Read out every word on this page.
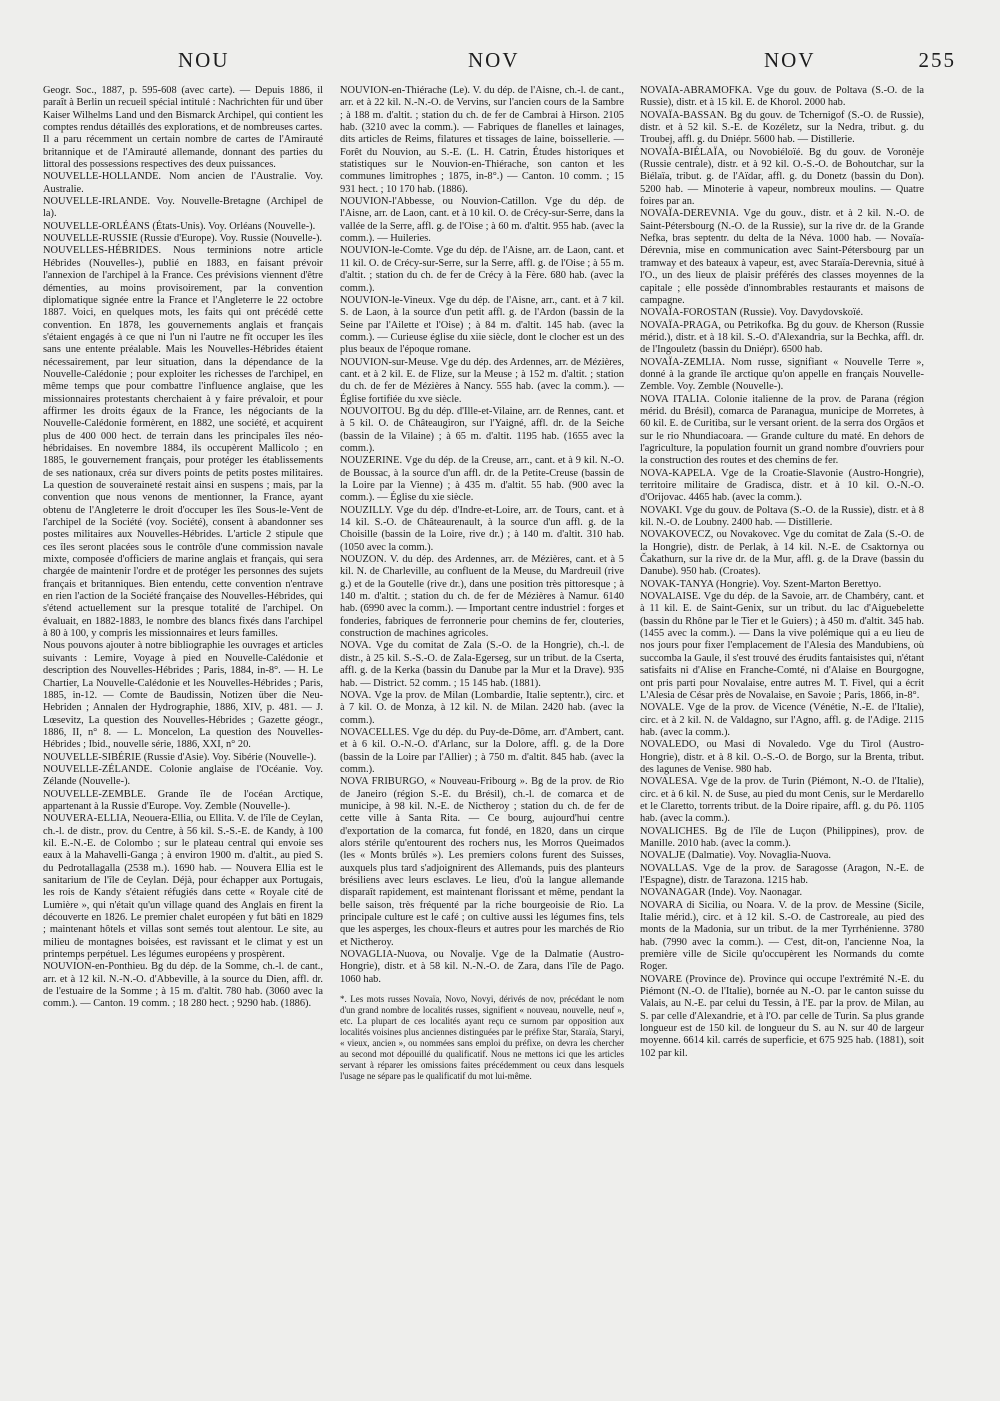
NOU	NOV	NOV	255

Geogr. Soc., 1887, p. 595-608 (avec carte). — Depuis 1886, il paraît à Berlin un recueil spécial intitulé : Nachrichten für und über Kaiser Wilhelms Land und den Bismarck Archipel, qui contient les comptes rendus détaillés des explorations, et de nombreuses cartes.

Il a paru récemment un certain nombre de cartes de l'Amirauté britannique et de l'Amirauté allemande, donnant des parties du littoral des possessions respectives des deux puissances.

NOUVELLE-HOLLANDE. Nom ancien de l'Australie. Voy. Australie.

NOUVELLE-IRLANDE. Voy. Nouvelle-Bretagne (Archipel de la).

NOUVELLE-ORLÉANS (États-Unis). Voy. Orléans (Nouvelle-).

NOUVELLE-RUSSIE (Russie d'Europe). Voy. Russie (Nouvelle-).

NOUVELLES-HÉBRIDES. Nous terminions notre article Hébrides (Nouvelles-), publié en 1883, en faisant prévoir l'annexion de l'archipel à la France. Ces prévisions viennent d'être démenties, au moins provisoirement, par la convention diplomatique signée entre la France et l'Angleterre le 22 octobre 1887. Voici, en quelques mots, les faits qui ont précédé cette convention. En 1878, les gouvernements anglais et français s'étaient engagés à ce que ni l'un ni l'autre ne fît occuper les îles sans une entente préalable. Mais les Nouvelles-Hébrides étaient nécessairement, par leur situation, dans la dépendance de la Nouvelle-Calédonie ; pour exploiter les richesses de l'archipel, en même temps que pour combattre l'influence anglaise, que les missionnaires protestants cherchaient à y faire prévaloir, et pour affirmer les droits égaux de la France, les négociants de la Nouvelle-Calédonie formèrent, en 1882, une société, et acquirent plus de 400 000 hect. de terrain dans les principales îles néo-hébridaises. En novembre 1884, ils occupèrent Mallicolo ; en 1885, le gouvernement français, pour protéger les établissements de ses nationaux, créa sur divers points de petits postes militaires. La question de souveraineté restait ainsi en suspens ; mais, par la convention que nous venons de mentionner, la France, ayant obtenu de l'Angleterre le droit d'occuper les îles Sous-le-Vent de l'archipel de la Société (voy. Société), consent à abandonner ses postes militaires aux Nouvelles-Hébrides. L'article 2 stipule que ces îles seront placées sous le contrôle d'une commission navale mixte, composée d'officiers de marine anglais et français, qui sera chargée de maintenir l'ordre et de protéger les personnes des sujets français et britanniques. Bien entendu, cette convention n'entrave en rien l'action de la Société française des Nouvelles-Hébrides, qui s'étend actuellement sur la presque totalité de l'archipel. On évaluait, en 1882-1883, le nombre des blancs fixés dans l'archipel à 80 à 100, y compris les missionnaires et leurs familles.

Nous pouvons ajouter à notre bibliographie les ouvrages et articles suivants : Lemire, Voyage à pied en Nouvelle-Calédonie et description des Nouvelles-Hébrides ; Paris, 1884, in-8°. — H. Le Chartier, La Nouvelle-Calédonie et les Nouvelles-Hébrides ; Paris, 1885, in-12. — Comte de Baudissin, Notizen über die Neu-Hebriden ; Annalen der Hydrographie, 1886, XIV, p. 481. — J. Lœsevitz, La question des Nouvelles-Hébrides ; Gazette géogr., 1886, II, n° 8. — L. Moncelon, La question des Nouvelles-Hébrides ; Ibid., nouvelle série, 1886, XXI, n° 20.

NOUVELLE-SIBÉRIE (Russie d'Asie). Voy. Sibérie (Nouvelle-).

NOUVELLE-ZÉLANDE. Colonie anglaise de l'Océanie. Voy. Zélande (Nouvelle-).

NOUVELLE-ZEMBLE. Grande île de l'océan Arctique, appartenant à la Russie d'Europe. Voy. Zemble (Nouvelle-).

NOUVERA-ELLIA, Neouera-Ellia, ou Ellita. V. de l'île de Ceylan, ch.-l. de distr., prov. du Centre, à 56 kil. S.-S.-E. de Kandy, à 100 kil. E.-N.-E. de Colombo ; sur le plateau central qui envoie ses eaux à la Mahavelli-Ganga ; à environ 1900 m. d'altit., au pied S. du Pedrotallagalla (2538 m.). 1690 hab. — Nouvera Ellia est le sanitarium de l'île de Ceylan. Déjà, pour échapper aux Portugais, les rois de Kandy s'étaient réfugiés dans cette « Royale cité de Lumière », qui n'était qu'un village quand des Anglais en firent la découverte en 1826. Le premier chalet européen y fut bâti en 1829 ; maintenant hôtels et villas sont semés tout alentour. Le site, au milieu de montagnes boisées, est ravissant et le climat y est un printemps perpétuel. Les légumes européens y prospèrent.

NOUVION-en-Ponthieu. Bg du dép. de la Somme, ch.-l. de cant., arr. et à 12 kil. N.-N.-O. d'Abbeville, à la source du Dien, affl. dr. de l'estuaire de la Somme ; à 15 m. d'altit. 780 hab. (3060 avec la comm.). — Canton. 19 comm. ; 18 280 hect. ; 9290 hab. (1886).

NOUVION-en-Thiérache (Le). V. du dép. de l'Aisne, ch.-l. de cant., arr. et à 22 kil. N.-N.-O. de Vervins, sur l'ancien cours de la Sambre ; à 188 m. d'altit. ; station du ch. de fer de Cambrai à Hirson. 2105 hab. (3210 avec la comm.). — Fabriques de flanelles et lainages, dits articles de Reims, filatures et tissages de laine, boissellerie. — Forêt du Nouvion, au S.-E. (L. H. Catrin, Études historiques et statistiques sur le Nouvion-en-Thiérache, son canton et les communes limitrophes ; 1875, in-8°.) — Canton. 10 comm. ; 15 931 hect. ; 10 170 hab. (1886).

NOUVION-l'Abbesse, ou Nouvion-Catillon. Vge du dép. de l'Aisne, arr. de Laon, cant. et à 10 kil. O. de Crécy-sur-Serre, dans la vallée de la Serre, affl. g. de l'Oise ; à 60 m. d'altit. 955 hab. (avec la comm.). — Huileries.

NOUVION-le-Comte. Vge du dép. de l'Aisne, arr. de Laon, cant. et 11 kil. O. de Crécy-sur-Serre, sur la Serre, affl. g. de l'Oise ; à 55 m. d'altit. ; station du ch. de fer de Crécy à la Fère. 680 hab. (avec la comm.).

NOUVION-le-Vineux. Vge du dép. de l'Aisne, arr., cant. et à 7 kil. S. de Laon, à la source d'un petit affl. g. de l'Ardon (bassin de la Seine par l'Ailette et l'Oise) ; à 84 m. d'altit. 145 hab. (avec la comm.). — Curieuse église du xiie siècle, dont le clocher est un des plus beaux de l'époque romane.

NOUVION-sur-Meuse. Vge du dép. des Ardennes, arr. de Mézières, cant. et à 2 kil. E. de Flize, sur la Meuse ; à 152 m. d'altit. ; station du ch. de fer de Mézières à Nancy. 555 hab. (avec la comm.). — Église fortifiée du xve siècle.

NOUVOITOU. Bg du dép. d'Ille-et-Vilaine, arr. de Rennes, cant. et à 5 kil. O. de Châteaugiron, sur l'Yaigné, affl. dr. de la Seiche (bassin de la Vilaine) ; à 65 m. d'altit. 1195 hab. (1655 avec la comm.).

NOUZERINE. Vge du dép. de la Creuse, arr., cant. et à 9 kil. N.-O. de Boussac, à la source d'un affl. dr. de la Petite-Creuse (bassin de la Loire par la Vienne) ; à 435 m. d'altit. 55 hab. (900 avec la comm.). — Église du xie siècle.

NOUZILLY. Vge du dép. d'Indre-et-Loire, arr. de Tours, cant. et à 14 kil. S.-O. de Châteaurenault, à la source d'un affl. g. de la Choisille (bassin de la Loire, rive dr.) ; à 140 m. d'altit. 310 hab. (1050 avec la comm.).

NOUZON. V. du dép. des Ardennes, arr. de Mézières, cant. et à 5 kil. N. de Charleville, au confluent de la Meuse, du Mardreuil (rive g.) et de la Goutelle (rive dr.), dans une position très pittoresque ; à 140 m. d'altit. ; station du ch. de fer de Mézières à Namur. 6140 hab. (6990 avec la comm.). — Important centre industriel : forges et fonderies, fabriques de ferronnerie pour chemins de fer, clouteries, construction de machines agricoles.

NOVA. Vge du comitat de Zala (S.-O. de la Hongrie), ch.-l. de distr., à 25 kil. S.-S.-O. de Zala-Egerseg, sur un tribut. de la Cserta, affl. g. de la Kerka (bassin du Danube par la Mur et la Drave). 935 hab. — District. 52 comm. ; 15 145 hab. (1881).

NOVA. Vge la prov. de Milan (Lombardie, Italie septentr.), circ. et à 7 kil. O. de Monza, à 12 kil. N. de Milan. 2420 hab. (avec la comm.).

NOVACELLES. Vge du dép. du Puy-de-Dôme, arr. d'Ambert, cant. et à 6 kil. O.-N.-O. d'Arlanc, sur la Dolore, affl. g. de la Dore (bassin de la Loire par l'Allier) ; à 750 m. d'altit. 845 hab. (avec la comm.).

NOVA FRIBURGO, « Nouveau-Fribourg ». Bg de la prov. de Rio de Janeiro (région S.-E. du Brésil), ch.-l. de comarca et de municipe, à 98 kil. N.-E. de Nictheroy ; station du ch. de fer de cette ville à Santa Rita. — Ce bourg, aujourd'hui centre d'exportation de la comarca, fut fondé, en 1820, dans un cirque alors stérile qu'entourent des rochers nus, les Morros Queimados (les « Monts brûlés »). Les premiers colons furent des Suisses, auxquels plus tard s'adjoignirent des Allemands, puis des planteurs brésiliens avec leurs esclaves. Le lieu, d'où la langue allemande disparaît rapidement, est maintenant florissant et même, pendant la belle saison, très fréquenté par la riche bourgeoisie de Rio. La principale culture est le café ; on cultive aussi les légumes fins, tels que les asperges, les choux-fleurs et autres pour les marchés de Rio et Nictheroy.

NOVAGLIA-Nuova, ou Novalje. Vge de la Dalmatie (Austro-Hongrie), distr. et à 58 kil. N.-N.-O. de Zara, dans l'île de Pago. 1060 hab.

*. Les mots russes Novaïa, Novo, Novyi, dérivés de nov, précédant le nom d'un grand nombre de localités russes, signifient « nouveau, nouvelle, neuf », etc. La plupart de ces localités ayant reçu ce surnom par opposition aux localités voisines plus anciennes distinguées par le préfixe Star, Staraïa, Staryi, « vieux, ancien », ou nommées sans emploi du préfixe, on devra les chercher au second mot dépouillé du qualificatif. Nous ne mettons ici que les articles servant à réparer les omissions faites précédemment ou ceux dans lesquels l'usage ne sépare pas le qualificatif du mot lui-même.

NOVAÏA-ABRAMOFKA. Vge du gouv. de Poltava (S.-O. de la Russie), distr. et à 15 kil. E. de Khorol. 2000 hab.

NOVAÏA-BASSAN. Bg du gouv. de Tchernigof (S.-O. de Russie), distr. et à 52 kil. S.-E. de Kozéletz, sur la Nedra, tribut. g. du Troubej, affl. g. du Dniépr. 5600 hab. — Distillerie.

NOVAÏA-BIÉLAÏA, ou Novobiéloïé. Bg du gouv. de Voronèje (Russie centrale), distr. et à 92 kil. O.-S.-O. de Bohoutchar, sur la Biélaïa, tribut. g. de l'Aïdar, affl. g. du Donetz (bassin du Don). 5200 hab. — Minoterie à vapeur, nombreux moulins. — Quatre foires par an.

NOVAÏA-DEREVNIA. Vge du gouv., distr. et à 2 kil. N.-O. de Saint-Pétersbourg (N.-O. de la Russie), sur la rive dr. de la Grande Nefka, bras septentr. du delta de la Néva. 1000 hab. — Novaïa-Dérevnia, mise en communication avec Saint-Pétersbourg par un tramway et des bateaux à vapeur, est, avec Staraïa-Derevnia, situé à l'O., un des lieux de plaisir préférés des classes moyennes de la capitale ; elle possède d'innombrables restaurants et maisons de campagne.

NOVAÏA-FOROSTAN (Russie). Voy. Davydovskoïé.

NOVAÏA-PRAGA, ou Petrikofka. Bg du gouv. de Kherson (Russie mérid.), distr. et à 18 kil. S.-O. d'Alexandria, sur la Bechka, affl. dr. de l'Ingouletz (bassin du Dniépr). 6500 hab.

NOVAÏA-ZEMLIA. Nom russe, signifiant « Nouvelle Terre », donné à la grande île arctique qu'on appelle en français Nouvelle-Zemble. Voy. Zemble (Nouvelle-).

NOVA ITALIA. Colonie italienne de la prov. de Parana (région mérid. du Brésil), comarca de Paranagua, municipe de Morretes, à 60 kil. E. de Curitiba, sur le versant orient. de la serra dos Orgãos et sur le rio Nhundiacoara. — Grande culture du maté. En dehors de l'agriculture, la population fournit un grand nombre d'ouvriers pour la construction des routes et des chemins de fer.

NOVA-KAPELA. Vge de la Croatie-Slavonie (Austro-Hongrie), territoire militaire de Gradisca, distr. et à 10 kil. O.-N.-O. d'Orijovac. 4465 hab. (avec la comm.).

NOVAKI. Vge du gouv. de Poltava (S.-O. de la Russie), distr. et à 8 kil. N.-O. de Loubny. 2400 hab. — Distillerie.

NOVAKOVECZ, ou Novakovec. Vge du comitat de Zala (S.-O. de la Hongrie), distr. de Perlak, à 14 kil. N.-E. de Csaktornya ou Čakathurn, sur la rive dr. de la Mur, affl. g. de la Drave (bassin du Danube). 950 hab. (Croates).

NOVAK-TANYA (Hongrie). Voy. Szent-Marton Berettyo.

NOVALAISE. Vge du dép. de la Savoie, arr. de Chambéry, cant. et à 11 kil. E. de Saint-Genix, sur un tribut. du lac d'Aiguebelette (bassin du Rhône par le Tier et le Guiers) ; à 450 m. d'altit. 345 hab. (1455 avec la comm.). — Dans la vive polémique qui a eu lieu de nos jours pour fixer l'emplacement de l'Alesia des Mandubiens, où succomba la Gaule, il s'est trouvé des érudits fantaisistes qui, n'étant satisfaits ni d'Alise en Franche-Comté, ni d'Alaise en Bourgogne, ont pris parti pour Novalaise, entre autres M. T. Fivel, qui a écrit L'Alesia de César près de Novalaise, en Savoie ; Paris, 1866, in-8°.

NOVALE. Vge de la prov. de Vicence (Vénétie, N.-E. de l'Italie), circ. et à 2 kil. N. de Valdagno, sur l'Agno, affl. g. de l'Adige. 2115 hab. (avec la comm.).

NOVALEDO, ou Masi di Novaledo. Vge du Tirol (Austro-Hongrie), distr. et à 8 kil. O.-S.-O. de Borgo, sur la Brenta, tribut. des lagunes de Venise. 980 hab.

NOVALESA. Vge de la prov. de Turin (Piémont, N.-O. de l'Italie), circ. et à 6 kil. N. de Suse, au pied du mont Cenis, sur le Merdarello et le Claretto, torrents tribut. de la Doire ripaire, affl. g. du Pô. 1105 hab. (avec la comm.).

NOVALICHES. Bg de l'île de Luçon (Philippines), prov. de Manille. 2010 hab. (avec la comm.).

NOVALJE (Dalmatie). Voy. Novaglia-Nuova.

NOVALLAS. Vge de la prov. de Saragosse (Aragon, N.-E. de l'Espagne), distr. de Tarazona. 1215 hab.

NOVANAGAR (Inde). Voy. Naonagar.

NOVARA di Sicilia, ou Noara. V. de la prov. de Messine (Sicile, Italie mérid.), circ. et à 12 kil. S.-O. de Castroreale, au pied des monts de la Madonia, sur un tribut. de la mer Tyrrhénienne. 3780 hab. (7990 avec la comm.). — C'est, dit-on, l'ancienne Noa, la première ville de Sicile qu'occupèrent les Normands du comte Roger.

NOVARE (Province de). Province qui occupe l'extrémité N.-E. du Piémont (N.-O. de l'Italie), bornée au N.-O. par le canton suisse du Valais, au N.-E. par celui du Tessin, à l'E. par la prov. de Milan, au S. par celle d'Alexandrie, et à l'O. par celle de Turin. Sa plus grande longueur est de 150 kil. de longueur du S. au N. sur 40 de largeur moyenne. 6614 kil. carrés de superficie, et 675 925 hab. (1881), soit 102 par kil.
